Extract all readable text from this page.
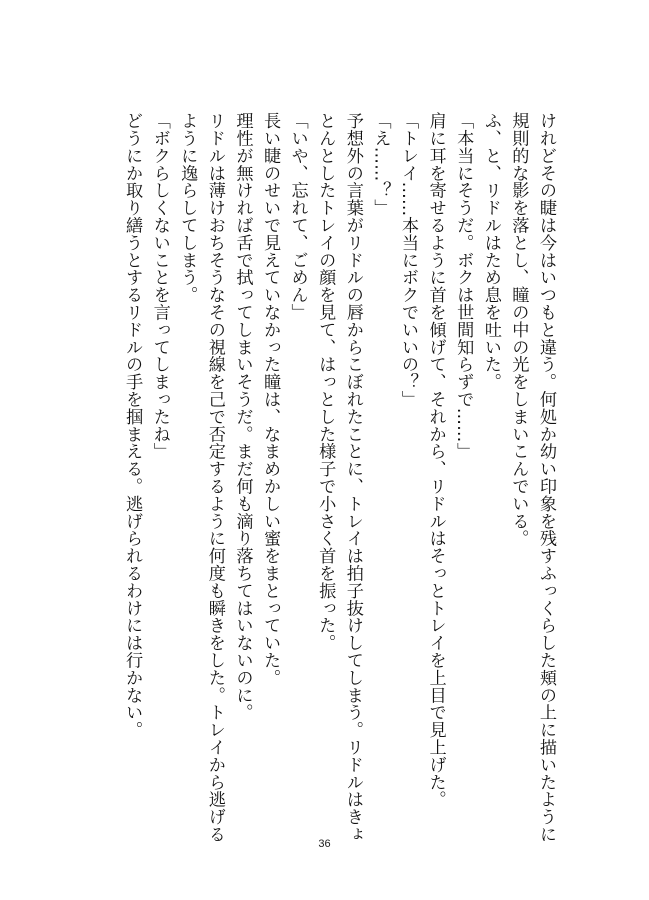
けれどその睫は今はいつもと違う。何処か幼い印象を残すふっくらした頬の上に描いたように
規則的な影を落とし、瞳の中の光をしまいこんでいる。
ふ、と、リドルはため息を吐いた。
「本当にそうだ。ボクは世間知らずで……」
肩に耳を寄せるように首を傾げて、それから、リドルはそっとトレイを上目で見上げた。
「トレイ……本当にボクでいいの？」
「え……？」
予想外の言葉がリドルの唇からこぼれたことに、トレイは拍子抜けしてしまう。リドルはきょ
とんとしたトレイの顔を見て、はっとした様子で小さく首を振った。
「いや、忘れて、ごめん」
長い睫のせいで見えていなかった瞳は、なまめかしい蜜をまとっていた。
理性が無ければ舌で拭ってしまいそうだ。まだ何も滴り落ちてはいないのに。
リドルは薄けおちそうなその視線を己で否定するように何度も瞬きをした。トレイから逃げる
ように逸らしてしまう。
「ボクらしくないことを言ってしまったね」
どうにか取り繕うとするリドルの手を掴まえる。逃げられるわけには行かない。
36
